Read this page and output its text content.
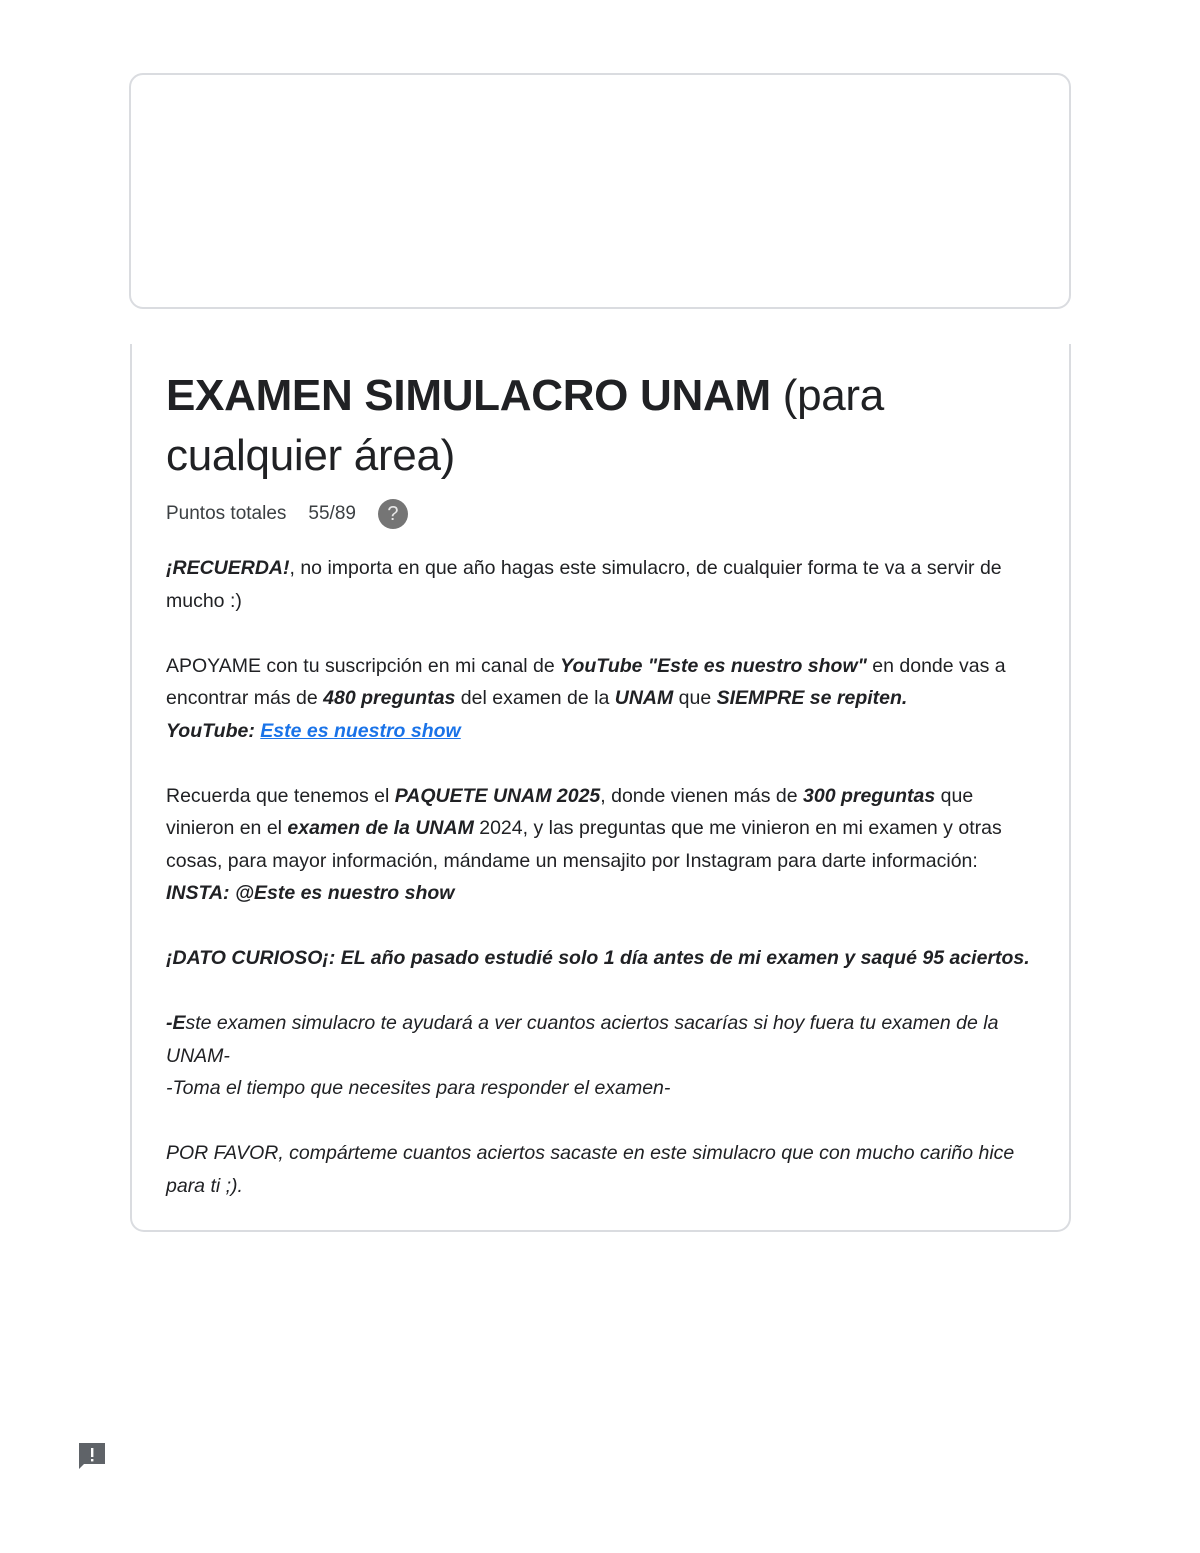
EXAMEN SIMULACRO UNAM (para cualquier área)
Puntos totales 55/89	?

¡RECUERDA!, no importa en que año hagas este simulacro, de cualquier forma te va a servir de mucho :)

APOYAME con tu suscripción en mi canal de YouTube "Este es nuestro show" en donde vas a encontrar más de 480 preguntas del examen de la UNAM que SIEMPRE se repiten.

YouTube: Este es nuestro show

Recuerda que tenemos el PAQUETE UNAM 2025, donde vienen más de 300 preguntas que vinieron en el examen de la UNAM 2024, y las preguntas que me vinieron en mi examen y otras cosas, para mayor información, mándame un mensajito por Instagram para darte información: INSTA: @Este es nuestro show

¡DATO CURIOSO¡: EL año pasado estudié solo 1 día antes de mi examen y saqué 95 aciertos.

-Este examen simulacro te ayudará a ver cuantos aciertos sacarías si hoy fuera tu examen de la UNAM-

-Toma el tiempo que necesites para responder el examen-

POR FAVOR, compárteme cuantos aciertos sacaste en este simulacro que con mucho cariño hice para ti ;).
